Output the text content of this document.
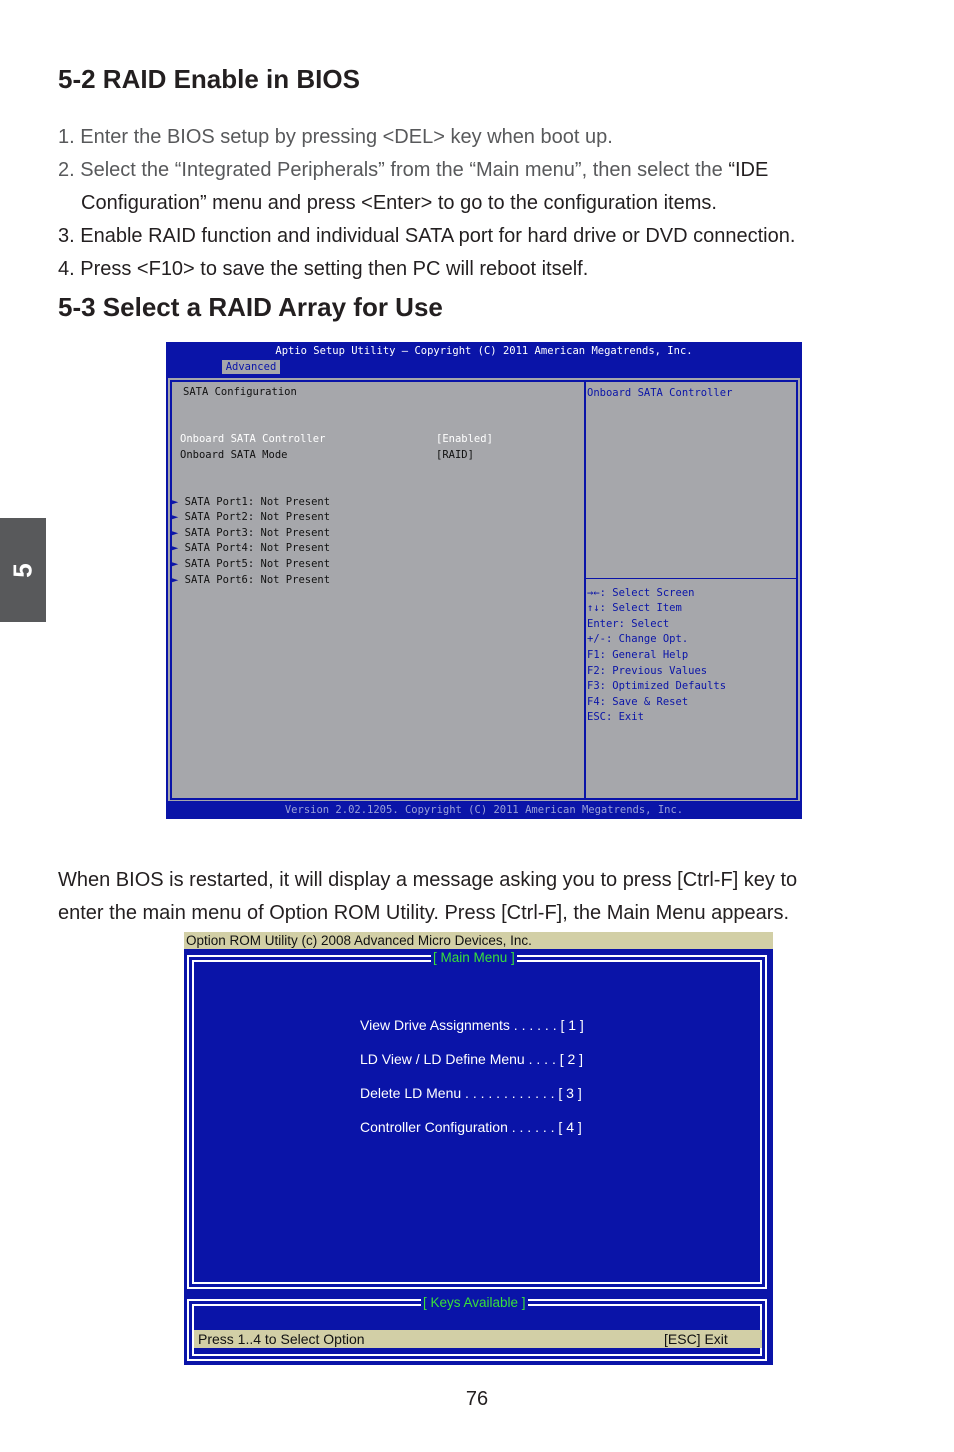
5
5-2 RAID Enable in BIOS
1. Enter the BIOS setup by pressing <DEL> key when boot up.
2. Select the “Integrated Peripherals” from the “Main menu”, then select the “IDE
Configuration” menu and press <Enter> to go to the configuration items.
3. Enable RAID function and individual SATA port for hard drive or DVD connection.
4. Press <F10> to save the setting then PC will reboot itself.
5-3 Select a RAID Array for Use
Aptio Setup Utility – Copyright (C) 2011 American Megatrends, Inc.
Advanced
SATA Configuration
Onboard SATA Controller	[Enabled]
Onboard SATA Mode	[RAID]
► SATA Port1: Not Present
► SATA Port2: Not Present
► SATA Port3: Not Present
► SATA Port4: Not Present
► SATA Port5: Not Present
► SATA Port6: Not Present
Onboard SATA Controller
→←: Select Screen
↑↓: Select Item
Enter: Select
+/-: Change Opt.
F1: General Help
F2: Previous Values
F3: Optimized Defaults
F4: Save & Reset
ESC: Exit
Version 2.02.1205. Copyright (C) 2011 American Megatrends, Inc.
When BIOS is restarted, it will display a message asking you to press [Ctrl-F] key to
enter the main menu of Option ROM Utility. Press [Ctrl-F], the Main Menu appears.
Option ROM Utility (c) 2008 Advanced Micro Devices, Inc.
[ Main Menu ]
View Drive Assignments . . . . . . [ 1 ]
LD View / LD Define Menu . . . . [ 2 ]
Delete LD Menu . . . . . . . . . . . . [ 3 ]
Controller Configuration . . . . . . [ 4 ]
[ Keys Available ]
Press 1..4 to Select Option	[ESC] Exit
76
